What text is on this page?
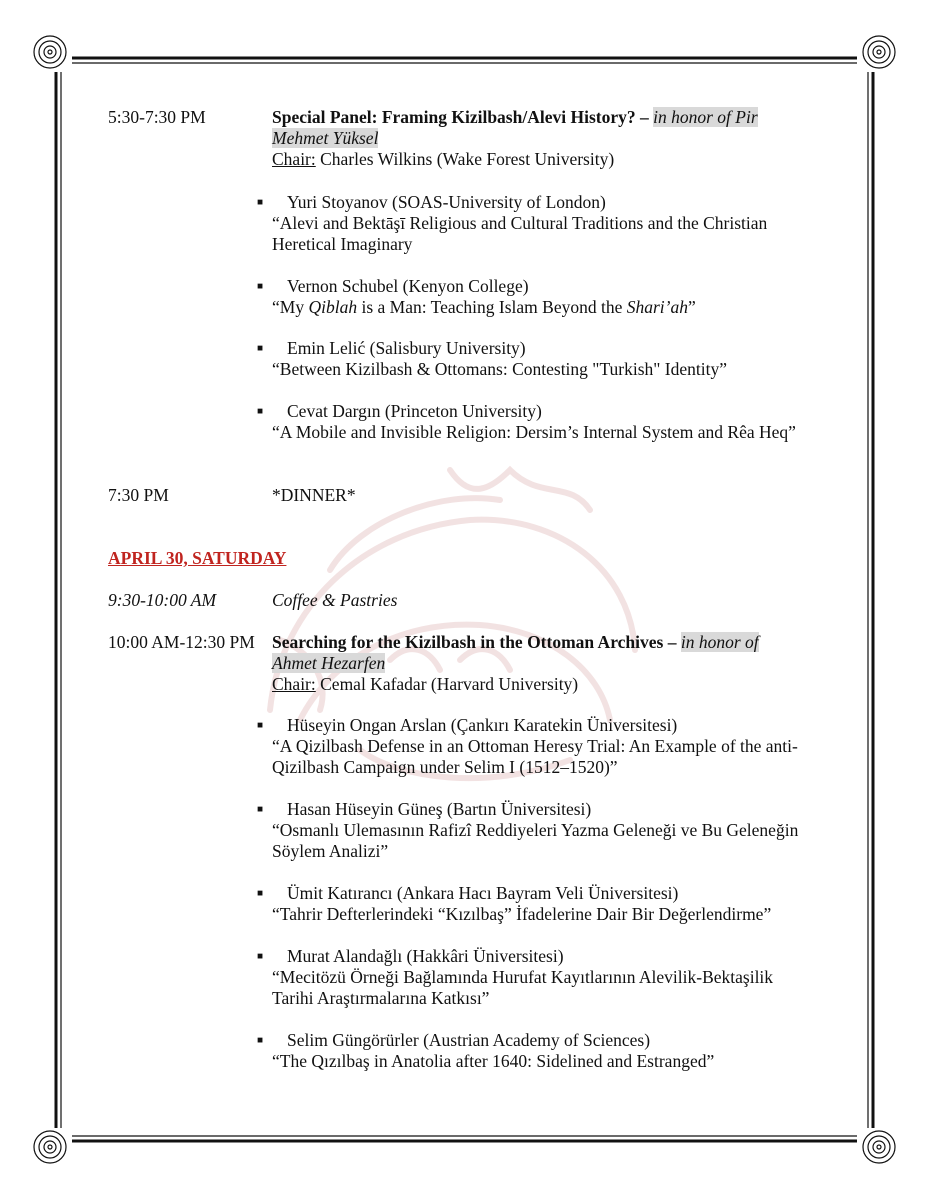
5:30-7:30 PM	Special Panel: Framing Kizilbash/Alevi History? – in honor of Pir
Mehmet Yüksel
Chair: Charles Wilkins (Wake Forest University)
■ Yuri Stoyanov (SOAS-University of London)
“Alevi and Bektāşī Religious and Cultural Traditions and the Christian Heretical Imaginary
■ Vernon Schubel (Kenyon College)
“My Qiblah is a Man: Teaching Islam Beyond the Shari’ah”
■ Emin Lelić (Salisbury University)
“Between Kizilbash & Ottomans: Contesting "Turkish" Identity”
■ Cevat Dargın (Princeton University)
“A Mobile and Invisible Religion: Dersim’s Internal System and Rêa Heq”
7:30 PM	*DINNER*
APRIL 30, SATURDAY
9:30-10:00 AM	Coffee & Pastries
10:00 AM-12:30 PM Searching for the Kizilbash in the Ottoman Archives – in honor of
Ahmet Hezarfen
Chair: Cemal Kafadar (Harvard University)
■ Hüseyin Ongan Arslan (Çankırı Karatekin Üniversitesi)
“A Qizilbash Defense in an Ottoman Heresy Trial: An Example of the anti-Qizilbash Campaign under Selim I (1512–1520)”
■ Hasan Hüseyin Güneş (Bartın Üniversitesi)
“Osmanlı Ulemasının Rafizî Reddiyeleri Yazma Geleneği ve Bu Geleneğin Söylem Analizi”
■ Ümit Katırancı (Ankara Hacı Bayram Veli Üniversitesi)
“Tahrir Defterlerindeki “Kızılbaş” İfadelerine Dair Bir Değerlendirme”
■ Murat Alandağlı (Hakkâri Üniversitesi)
“Mecitözü Örneği Bağlamında Hurufat Kayıtlarının Alevilik-Bektaşilik Tarihi Araştırmalarına Katkısı”
■ Selim Güngörürler (Austrian Academy of Sciences)
“The Qızılbaş in Anatolia after 1640: Sidelined and Estranged”
